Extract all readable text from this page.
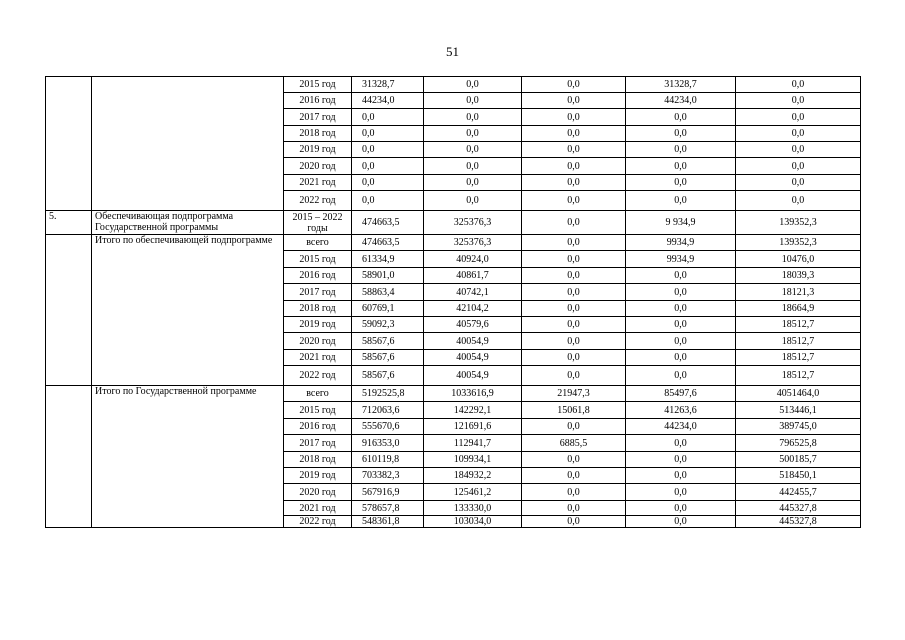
51
		2015 год	31328,7	0,0	0,0	31328,7	0,0
		2016 год	44234,0	0,0	0,0	44234,0	0,0
		2017 год	0,0	0,0	0,0	0,0	0,0
		2018 год	0,0	0,0	0,0	0,0	0,0
		2019 год	0,0	0,0	0,0	0,0	0,0
		2020 год	0,0	0,0	0,0	0,0	0,0
		2021 год	0,0	0,0	0,0	0,0	0,0
		2022 год	0,0	0,0	0,0	0,0	0,0
5.	Обеспечивающая подпрограмма Государственной программы	2015 – 2022 годы	474663,5	325376,3	0,0	9 934,9	139352,3
	Итого по обеспечивающей подпрограмме	всего	474663,5	325376,3	0,0	9934,9	139352,3
		2015 год	61334,9	40924,0	0,0	9934,9	10476,0
		2016 год	58901,0	40861,7	0,0	0,0	18039,3
		2017 год	58863,4	40742,1	0,0	0,0	18121,3
		2018 год	60769,1	42104,2	0,0	0,0	18664,9
		2019 год	59092,3	40579,6	0,0	0,0	18512,7
		2020 год	58567,6	40054,9	0,0	0,0	18512,7
		2021 год	58567,6	40054,9	0,0	0,0	18512,7
		2022 год	58567,6	40054,9	0,0	0,0	18512,7
	Итого по Государственной программе	всего	5192525,8	1033616,9	21947,3	85497,6	4051464,0
		2015 год	712063,6	142292,1	15061,8	41263,6	513446,1
		2016 год	555670,6	121691,6	0,0	44234,0	389745,0
		2017 год	916353,0	112941,7	6885,5	0,0	796525,8
		2018 год	610119,8	109934,1	0,0	0,0	500185,7
		2019 год	703382,3	184932,2	0,0	0,0	518450,1
		2020 год	567916,9	125461,2	0,0	0,0	442455,7
		2021 год	578657,8	133330,0	0,0	0,0	445327,8
		2022 год	548361,8	103034,0	0,0	0,0	445327,8
